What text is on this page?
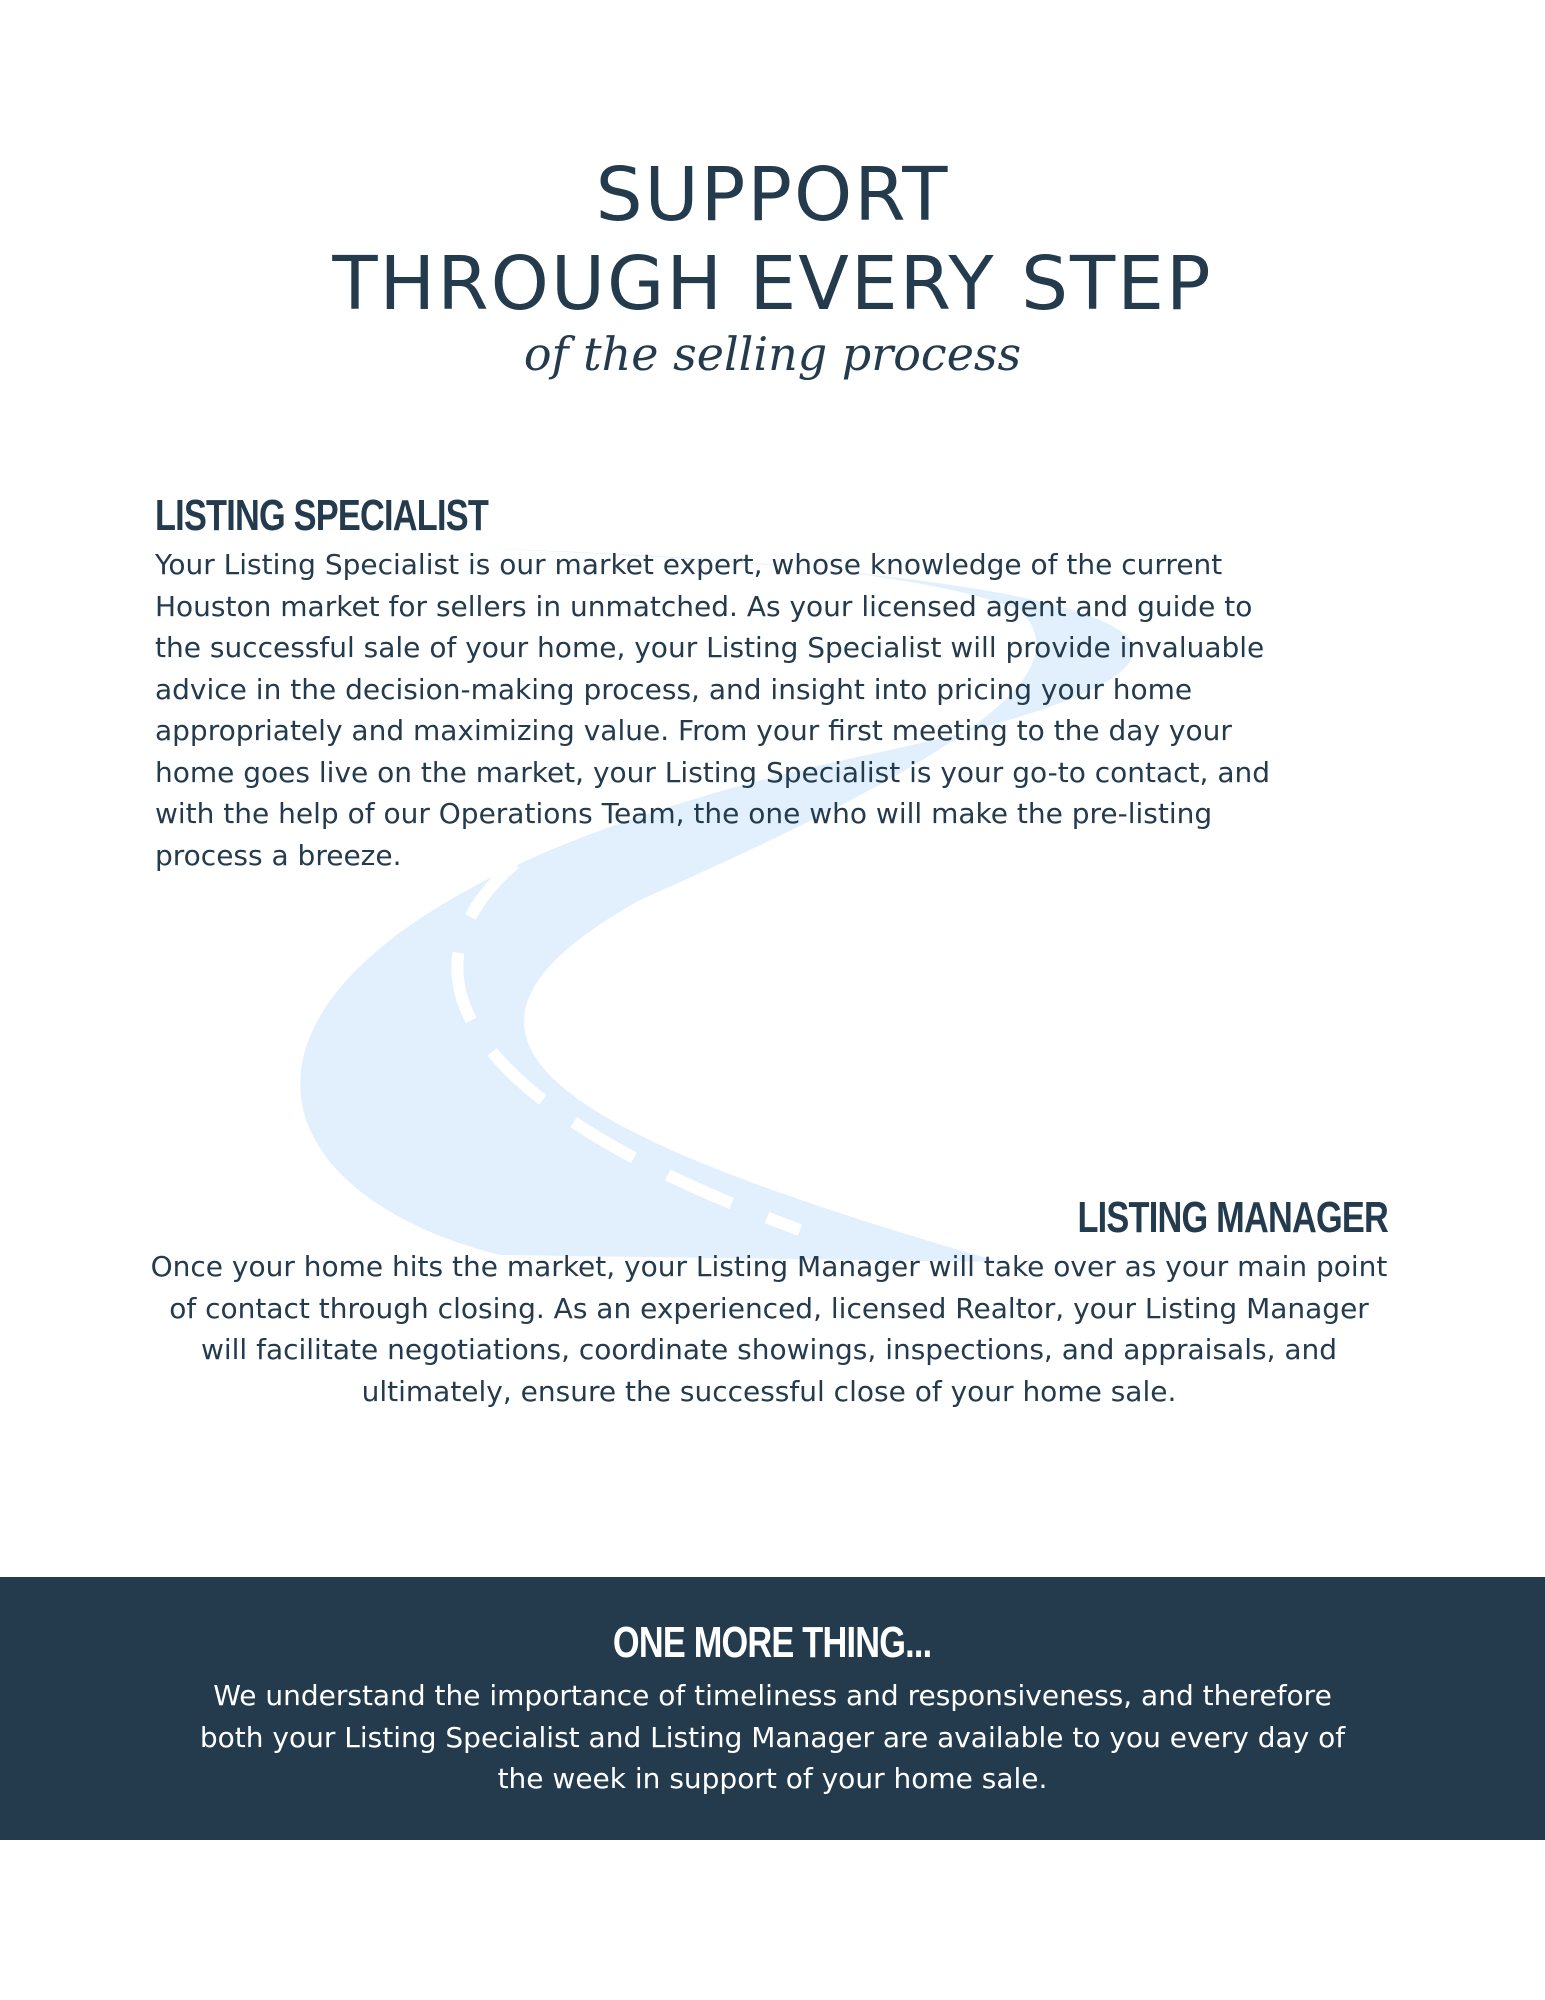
SUPPORT
THROUGH EVERY STEP
of the selling process
LISTING SPECIALIST

Your Listing Specialist is our market expert, whose knowledge of the current Houston market for sellers in unmatched. As your licensed agent and guide to the successful sale of your home, your Listing Specialist will provide invaluable advice in the decision-making process, and insight into pricing your home appropriately and maximizing value. From your first meeting to the day your home goes live on the market, your Listing Specialist is your go-to contact, and with the help of our Operations Team, the one who will make the pre-listing process a breeze.

LISTING MANAGER

Once your home hits the market, your Listing Manager will take over as your main point of contact through closing. As an experienced, licensed Realtor, your Listing Manager will facilitate negotiations, coordinate showings, inspections, and appraisals, and ultimately, ensure the successful close of your home sale.

ONE MORE THING...

We understand the importance of timeliness and responsiveness, and therefore both your Listing Specialist and Listing Manager are available to you every day of the week in support of your home sale.
